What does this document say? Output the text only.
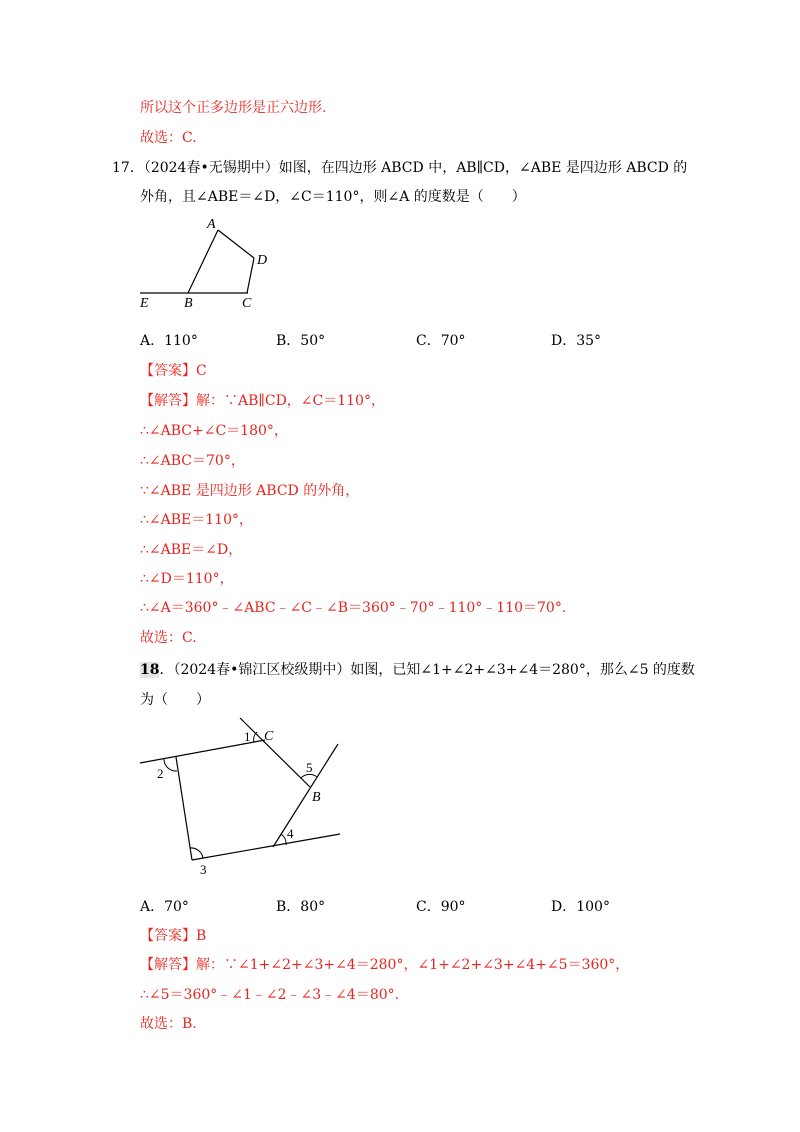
所以这个正多边形是正六边形.
故选：C.
17．（2024春•无锡期中）如图，在四边形 ABCD 中，AB∥CD，∠ABE 是四边形 ABCD 的
外角，且∠ABE＝∠D，∠C＝110°，则∠A 的度数是（　　）
A
D
E	B	C
A．110°	B．50°	C．70°	D．35°
【答案】C
【解答】解：∵AB∥CD，∠C＝110°，
∴∠ABC+∠C＝180°，
∴∠ABC＝70°，
∵∠ABE 是四边形 ABCD 的外角，
∴∠ABE＝110°，
∴∠ABE＝∠D，
∴∠D＝110°，
∴∠A＝360°﹣∠ABC﹣∠C﹣∠B＝360°﹣70°﹣110°﹣110＝70°.
故选：C.
18．（2024春•锦江区校级期中）如图，已知∠1+∠2+∠3+∠4＝280°，那么∠5 的度数
为（　　）
1 C
2	5
B
4
3
A．70°	B．80°	C．90°	D．100°
【答案】B
【解答】解：∵∠1+∠2+∠3+∠4＝280°，∠1+∠2+∠3+∠4+∠5＝360°，
∴∠5＝360°﹣∠1﹣∠2﹣∠3﹣∠4＝80°.
故选：B.
